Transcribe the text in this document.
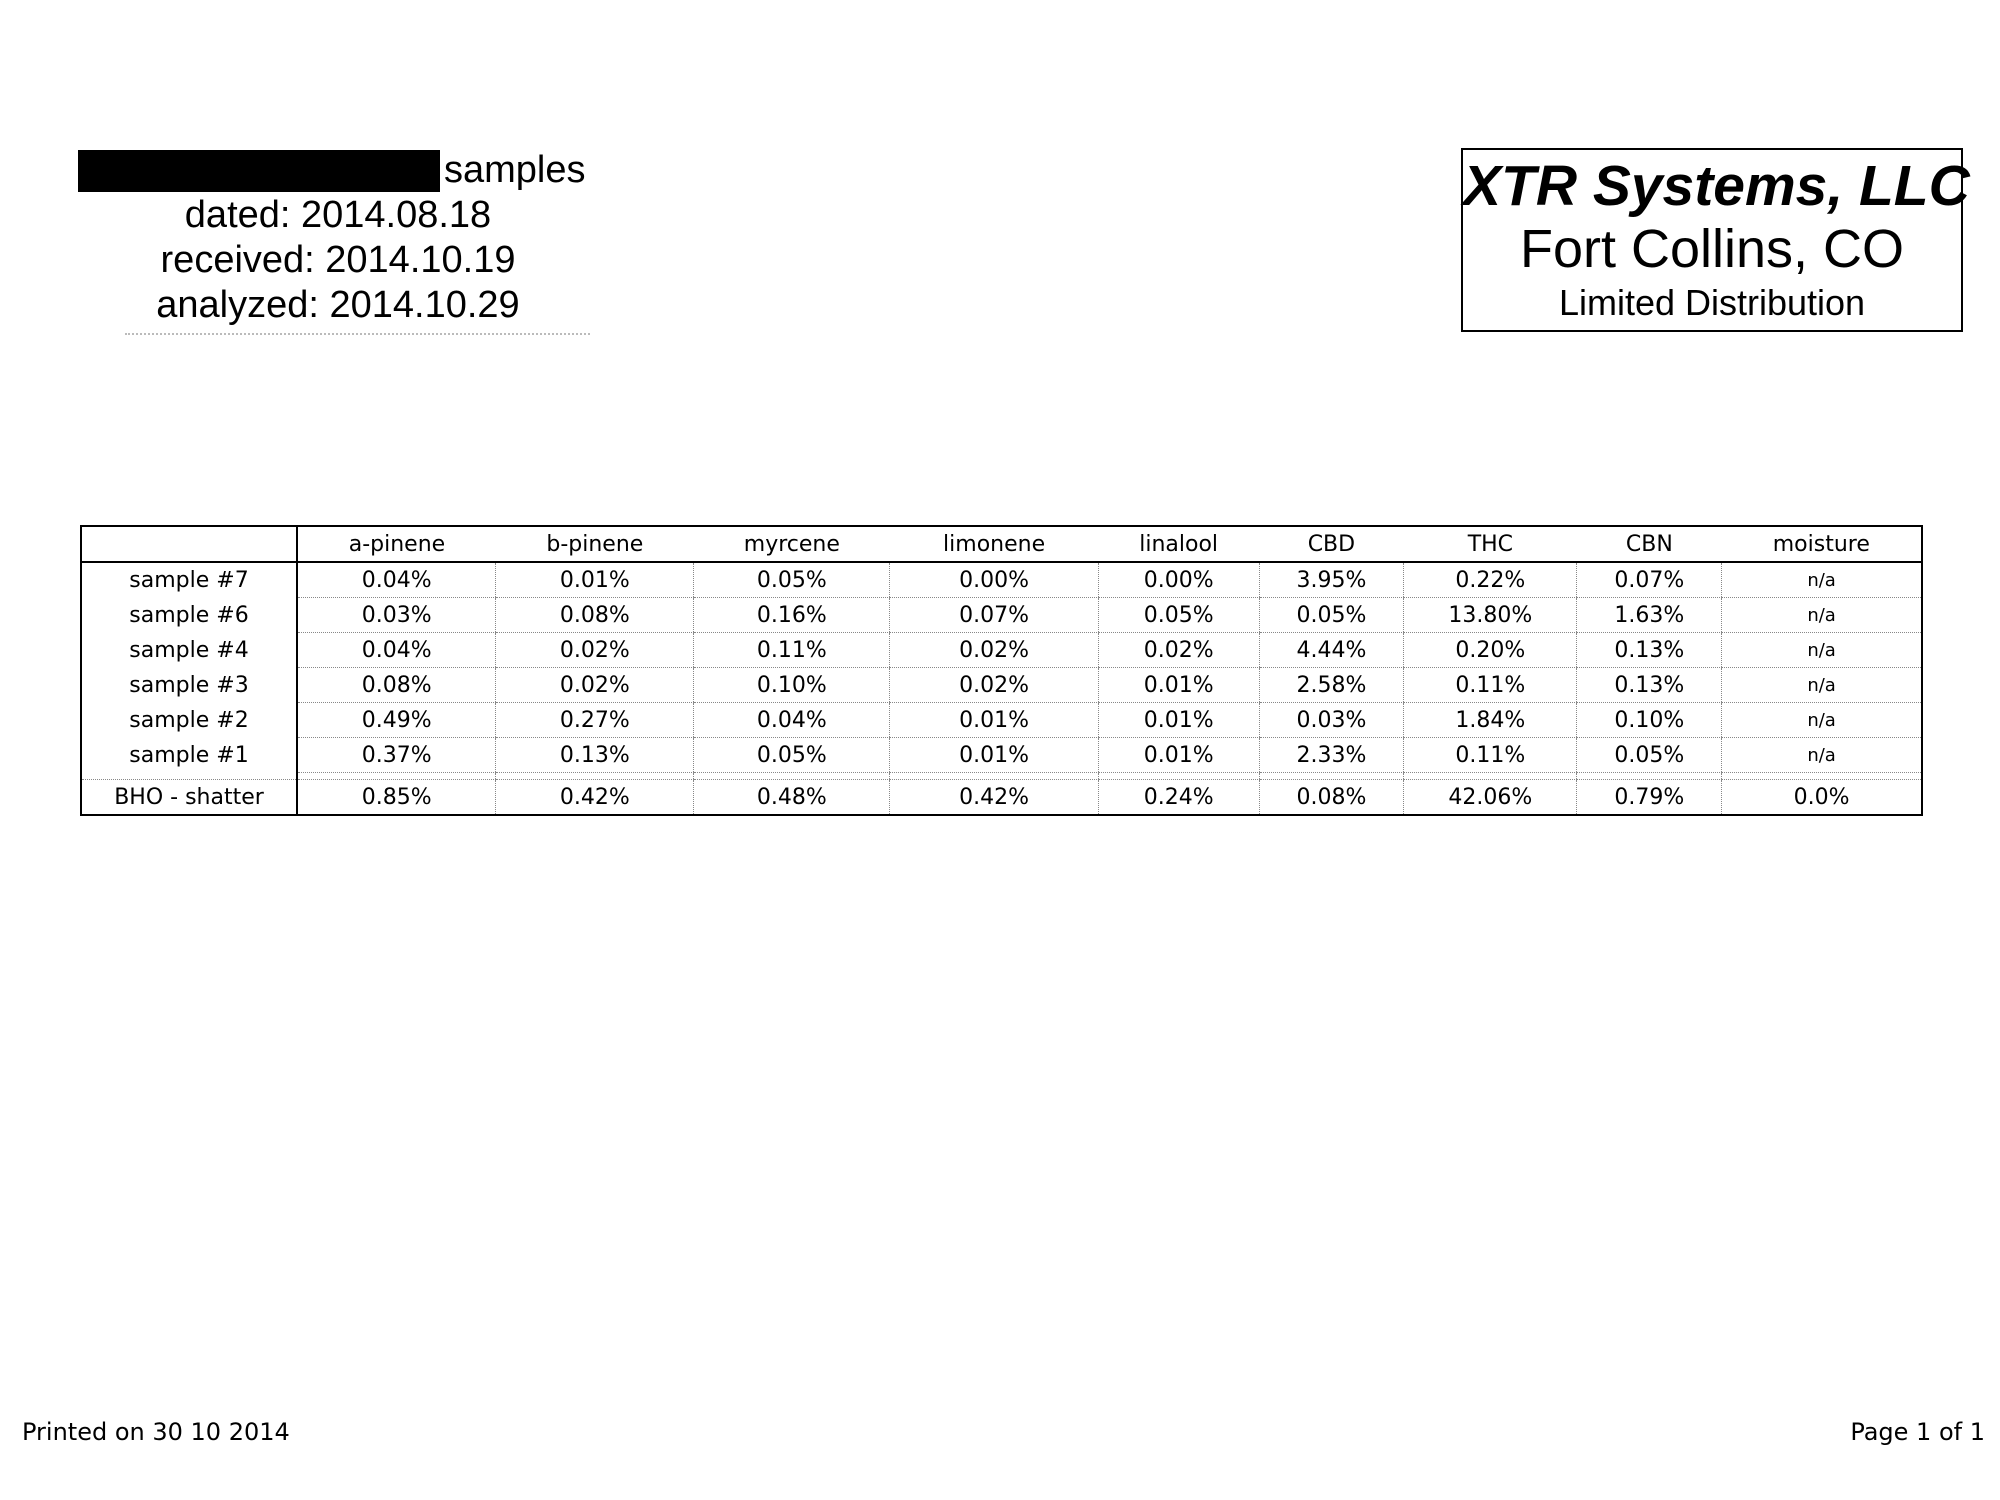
samples
dated: 2014.08.18
received: 2014.10.19
analyzed: 2014.10.29
XTR Systems, LLC
Fort Collins, CO
Limited Distribution
	a-pinene	b-pinene	myrcene	limonene	linalool	CBD	THC	CBN	moisture
sample #7	0.04%	0.01%	0.05%	0.00%	0.00%	3.95%	0.22%	0.07%	n/a
sample #6	0.03%	0.08%	0.16%	0.07%	0.05%	0.05%	13.80%	1.63%	n/a
sample #4	0.04%	0.02%	0.11%	0.02%	0.02%	4.44%	0.20%	0.13%	n/a
sample #3	0.08%	0.02%	0.10%	0.02%	0.01%	2.58%	0.11%	0.13%	n/a
sample #2	0.49%	0.27%	0.04%	0.01%	0.01%	0.03%	1.84%	0.10%	n/a
sample #1	0.37%	0.13%	0.05%	0.01%	0.01%	2.33%	0.11%	0.05%	n/a

BHO - shatter	0.85%	0.42%	0.48%	0.42%	0.24%	0.08%	42.06%	0.79%	0.0%
Printed on 30 10 2014	Page 1 of 1
